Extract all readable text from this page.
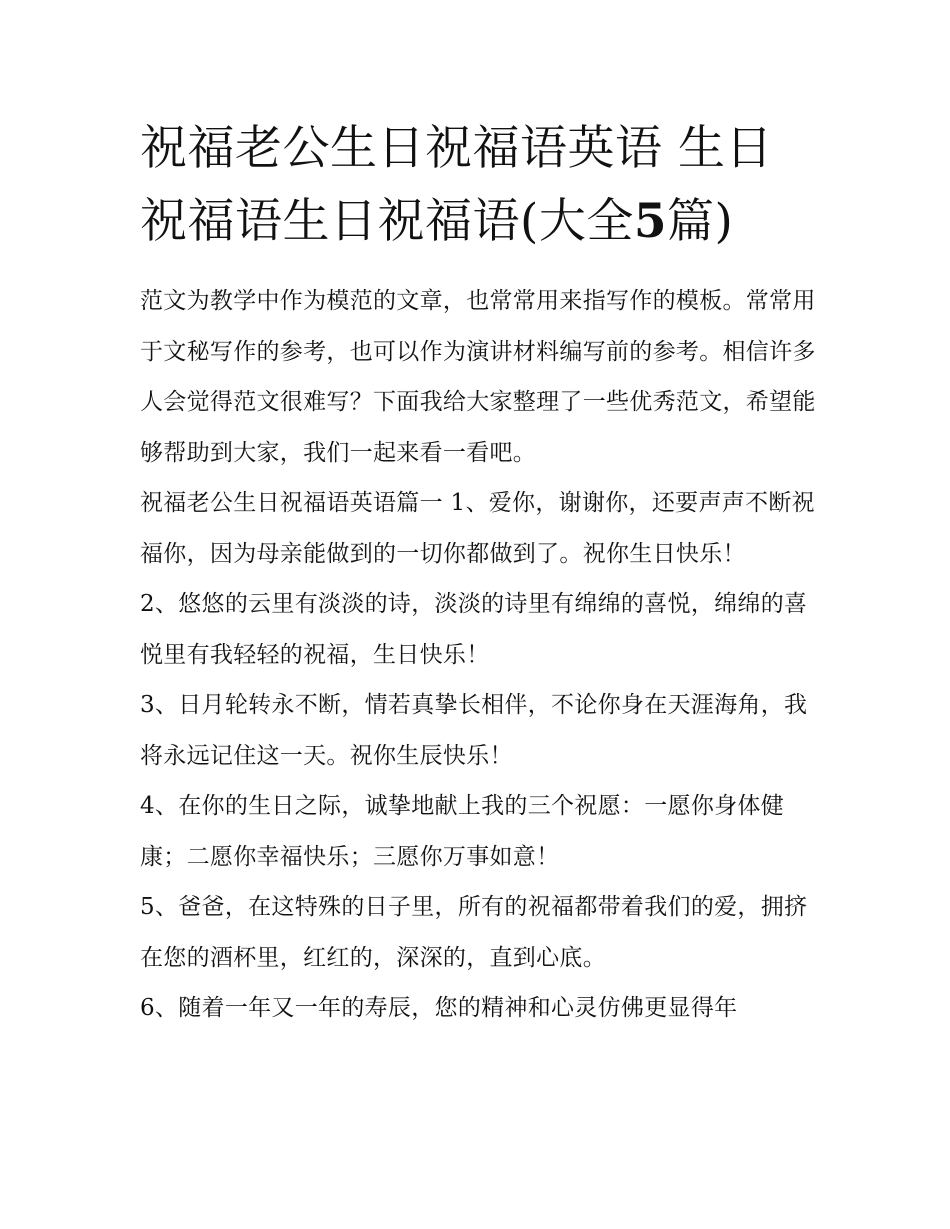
祝福老公生日祝福语英语 生日
祝福语生日祝福语(大全5篇)

范文为教学中作为模范的文章，也常常用来指写作的模板。常常用于文秘写作的参考，也可以作为演讲材料编写前的参考。相信许多人会觉得范文很难写？下面我给大家整理了一些优秀范文，希望能够帮助到大家，我们一起来看一看吧。

祝福老公生日祝福语英语篇一 1、爱你，谢谢你，还要声声不断祝福你，因为母亲能做到的一切你都做到了。祝你生日快乐！

2、悠悠的云里有淡淡的诗，淡淡的诗里有绵绵的喜悦，绵绵的喜悦里有我轻轻的祝福，生日快乐！

3、日月轮转永不断，情若真挚长相伴，不论你身在天涯海角，我将永远记住这一天。祝你生辰快乐！

4、在你的生日之际，诚挚地献上我的三个祝愿：一愿你身体健康；二愿你幸福快乐；三愿你万事如意！

5、爸爸，在这特殊的日子里，所有的祝福都带着我们的爱，拥挤在您的酒杯里，红红的，深深的，直到心底。

6、随着一年又一年的寿辰，您的精神和心灵仿佛更显得年
